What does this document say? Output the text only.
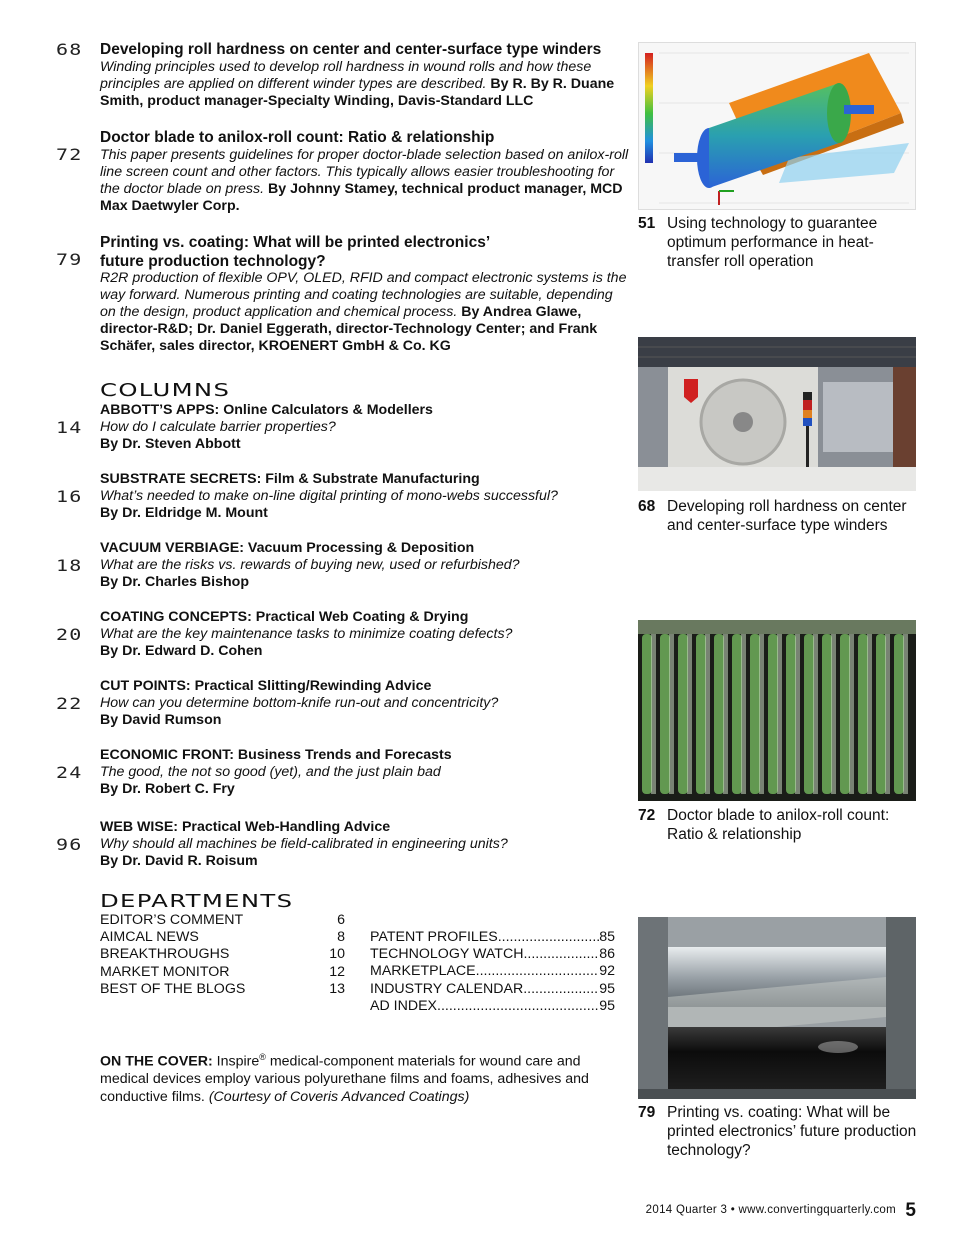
68 Developing roll hardness on center and center-surface type winders
Winding principles used to develop roll hardness in wound rolls and how these principles are applied on different winder types are described. By R. By R. Duane Smith, product manager-Specialty Winding, Davis-Standard LLC
72
Doctor blade to anilox-roll count: Ratio & relationship
This paper presents guidelines for proper doctor-blade selection based on anilox-roll line screen count and other factors. This typically allows easier troubleshooting for the doctor blade on press. By Johnny Stamey, technical product manager, MCD Max Daetwyler Corp.
79
Printing vs. coating: What will be printed electronics’ future production technology?
R2R production of flexible OPV, OLED, RFID and compact electronic systems is the way forward. Numerous printing and coating technologies are suitable, depending on the design, product application and chemical process. By Andrea Glawe, director-R&D; Dr. Daniel Eggerath, director-Technology Center; and Frank Schäfer, sales director, KROENERT GmbH & Co. KG
COLUMNS
14
ABBOTT’S APPS: Online Calculators & Modellers
How do I calculate barrier properties?
By Dr. Steven Abbott
16
SUBSTRATE SECRETS: Film & Substrate Manufacturing
What’s needed to make on-line digital printing of mono-webs successful?
By Dr. Eldridge M. Mount
18
VACUUM VERBIAGE: Vacuum Processing & Deposition
What are the risks vs. rewards of buying new, used or refurbished?
By Dr. Charles Bishop
20
COATING CONCEPTS: Practical Web Coating & Drying
What are the key maintenance tasks to minimize coating defects?
By Dr. Edward D. Cohen
22
CUT POINTS: Practical Slitting/Rewinding Advice
How can you determine bottom-knife run-out and concentricity?
By David Rumson
24
ECONOMIC FRONT: Business Trends and Forecasts
The good, the not so good (yet), and the just plain bad
By Dr. Robert C. Fry
96
WEB WISE: Practical Web-Handling Advice
Why should all machines be field-calibrated in engineering units?
By Dr. David R. Roisum
DEPARTMENTS
EDITOR’S COMMENT	6
AIMCAL NEWS	8
BREAKTHROUGHS	10
MARKET MONITOR	12
BEST OF THE BLOGS	13
PATENT PROFILES .....	85
TECHNOLOGY WATCH .....	86
MARKETPLACE .....	92
INDUSTRY CALENDAR .....	95
AD INDEX .....	95
ON THE COVER: Inspire® medical-component materials for wound care and medical devices employ various polyurethane films and foams, adhesives and conductive films. (Courtesy of Coveris Advanced Coatings)
51 Using technology to guarantee optimum performance in heat-transfer roll operation
68 Developing roll hardness on center and center-surface type winders
72 Doctor blade to anilox-roll count: Ratio & relationship
79 Printing vs. coating: What will be printed electronics’ future production technology?
2014 Quarter 3 • www.convertingquarterly.com 5
